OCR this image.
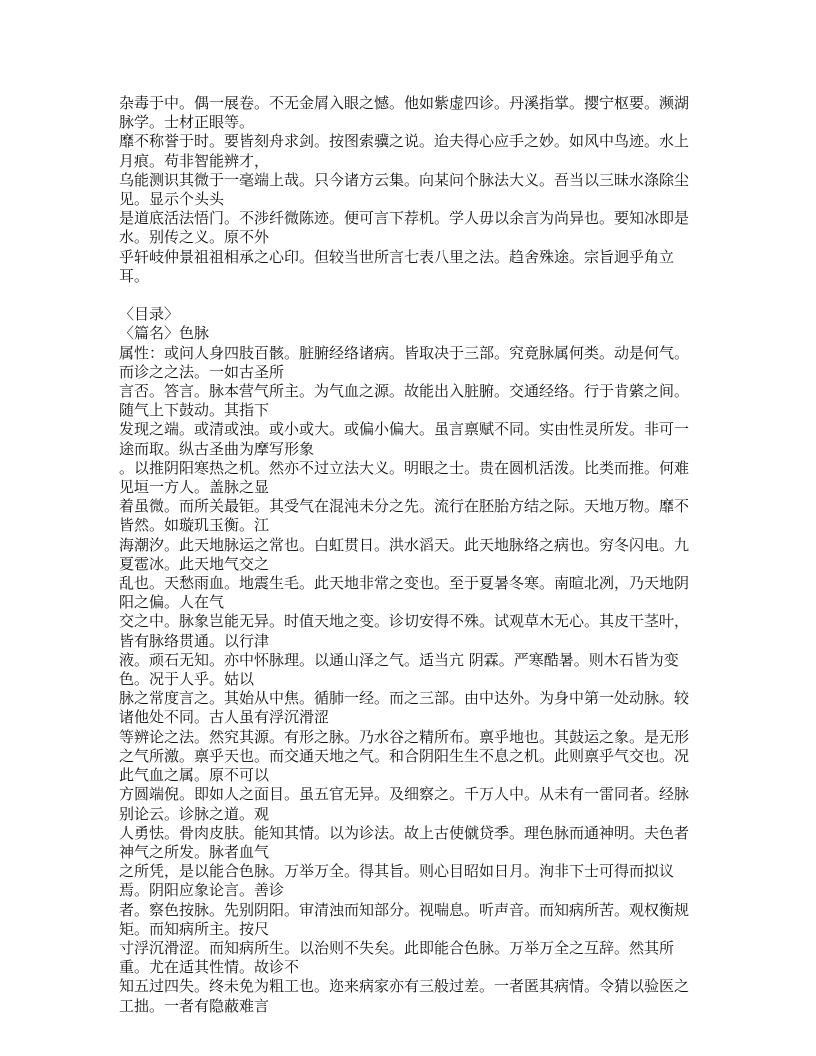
杂毒于中。偶一展卷。不无金屑入眼之憾。他如紫虚四诊。丹溪指掌。撄宁枢要。濒湖脉学。士材正眼等。
靡不称誉于时。要皆刻舟求剑。按图索骥之说。迨夫得心应手之妙。如风中鸟迹。水上月痕。苟非智能辨才，
乌能测识其微于一毫端上哉。只今诸方云集。向某问个脉法大义。吾当以三昧水涤除尘见。显示个头头
是道底活法悟门。不涉纤微陈迹。便可言下荐机。学人毋以余言为尚异也。要知冰即是水。别传之义。原不外
乎轩岐仲景祖祖相承之心印。但较当世所言七表八里之法。趋舍殊途。宗旨迥乎角立耳。
〈目录〉
〈篇名〉色脉
属性：或问人身四肢百骸。脏腑经络诸病。皆取决于三部。究竟脉属何类。动是何气。而诊之之法。一如古圣所
言否。答言。脉本营气所主。为气血之源。故能出入脏腑。交通经络。行于肯綮之间。随气上下鼓动。其指下
发现之端。或清或浊。或小或大。或偏小偏大。虽言禀赋不同。实由性灵所发。非可一途而取。纵古圣曲为摩写形象
。以推阴阳寒热之机。然亦不过立法大义。明眼之士。贵在圆机活泼。比类而推。何难见垣一方人。盖脉之显
着虽微。而所关最钜。其受气在混沌未分之先。流行在胚胎方结之际。天地万物。靡不皆然。如璇玑玉衡。江
海潮汐。此天地脉运之常也。白虹贯日。洪水滔天。此天地脉络之病也。穷冬闪电。九夏雹冰。此天地气交之
乱也。天愁雨血。地震生毛。此天地非常之变也。至于夏暑冬寒。南暄北冽，乃天地阴阳之偏。人在气
交之中。脉象岂能无异。时值天地之变。诊切安得不殊。试观草木无心。其皮干茎叶，皆有脉络贯通。以行津
液。顽石无知。亦中怀脉理。以通山泽之气。适当亢 阴霖。严寒酷暑。则木石皆为变色。况于人乎。姑以
脉之常度言之。其始从中焦。循肺一经。而之三部。由中达外。为身中第一处动脉。较诸他处不同。古人虽有浮沉滑涩
等辨论之法。然究其源。有形之脉。乃水谷之精所布。禀乎地也。其鼓运之象。是无形
之气所激。禀乎天也。而交通天地之气。和合阴阳生生不息之机。此则禀乎气交也。况此气血之属。原不可以
方圆端倪。即如人之面目。虽五官无异。及细察之。千万人中。从未有一雷同者。经脉别论云。诊脉之道。观
人勇怯。骨肉皮肤。能知其情。以为诊法。故上古使僦贷季。理色脉而通神明。夫色者神气之所发。脉者血气
之所凭，是以能合色脉。万举万全。得其旨。则心目昭如日月。洵非下士可得而拟议焉。阴阳应象论言。善诊
者。察色按脉。先别阴阳。审清浊而知部分。视喘息。听声音。而知病所苦。观权衡规矩。而知病所主。按尺
寸浮沉滑涩。而知病所生。以治则不失矣。此即能合色脉。万举万全之互辞。然其所重。尤在适其性情。故诊不
知五过四失。终未免为粗工也。迩来病家亦有三般过差。一者匿其病情。令猜以验医之工拙。一者有隐蔽难言
